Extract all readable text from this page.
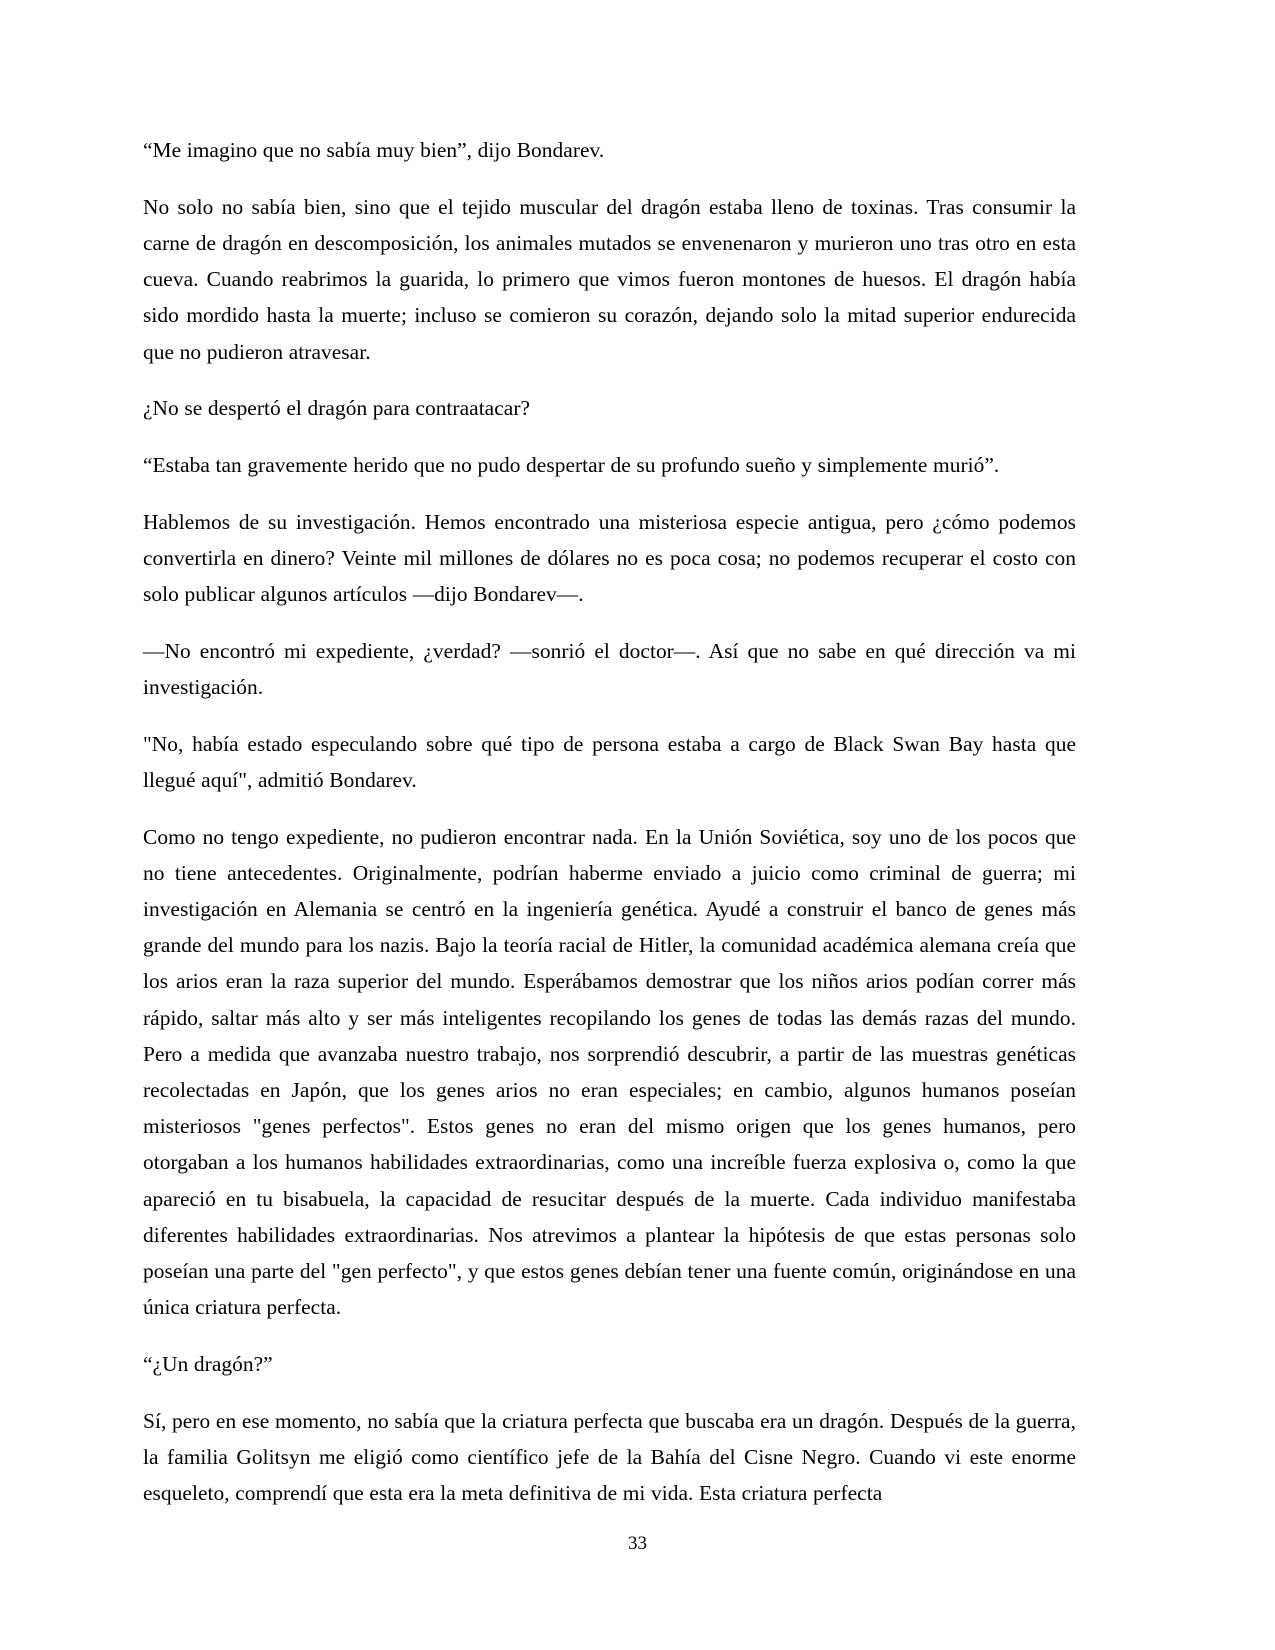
“Me imagino que no sabía muy bien”, dijo Bondarev.

No solo no sabía bien, sino que el tejido muscular del dragón estaba lleno de toxinas. Tras consumir la carne de dragón en descomposición, los animales mutados se envenenaron y murieron uno tras otro en esta cueva. Cuando reabrimos la guarida, lo primero que vimos fueron montones de huesos. El dragón había sido mordido hasta la muerte; incluso se comieron su corazón, dejando solo la mitad superior endurecida que no pudieron atravesar.

¿No se despertó el dragón para contraatacar?

“Estaba tan gravemente herido que no pudo despertar de su profundo sueño y simplemente murió”.

Hablemos de su investigación. Hemos encontrado una misteriosa especie antigua, pero ¿cómo podemos convertirla en dinero? Veinte mil millones de dólares no es poca cosa; no podemos recuperar el costo con solo publicar algunos artículos —dijo Bondarev—.

—No encontró mi expediente, ¿verdad? —sonrió el doctor—. Así que no sabe en qué dirección va mi investigación.

"No, había estado especulando sobre qué tipo de persona estaba a cargo de Black Swan Bay hasta que llegué aquí", admitió Bondarev.

Como no tengo expediente, no pudieron encontrar nada. En la Unión Soviética, soy uno de los pocos que no tiene antecedentes. Originalmente, podrían haberme enviado a juicio como criminal de guerra; mi investigación en Alemania se centró en la ingeniería genética. Ayudé a construir el banco de genes más grande del mundo para los nazis. Bajo la teoría racial de Hitler, la comunidad académica alemana creía que los arios eran la raza superior del mundo. Esperábamos demostrar que los niños arios podían correr más rápido, saltar más alto y ser más inteligentes recopilando los genes de todas las demás razas del mundo. Pero a medida que avanzaba nuestro trabajo, nos sorprendió descubrir, a partir de las muestras genéticas recolectadas en Japón, que los genes arios no eran especiales; en cambio, algunos humanos poseían misteriosos "genes perfectos". Estos genes no eran del mismo origen que los genes humanos, pero otorgaban a los humanos habilidades extraordinarias, como una increíble fuerza explosiva o, como la que apareció en tu bisabuela, la capacidad de resucitar después de la muerte. Cada individuo manifestaba diferentes habilidades extraordinarias. Nos atrevimos a plantear la hipótesis de que estas personas solo poseían una parte del "gen perfecto", y que estos genes debían tener una fuente común, originándose en una única criatura perfecta.

“¿Un dragón?”

Sí, pero en ese momento, no sabía que la criatura perfecta que buscaba era un dragón. Después de la guerra, la familia Golitsyn me eligió como científico jefe de la Bahía del Cisne Negro. Cuando vi este enorme esqueleto, comprendí que esta era la meta definitiva de mi vida. Esta criatura perfecta

33
